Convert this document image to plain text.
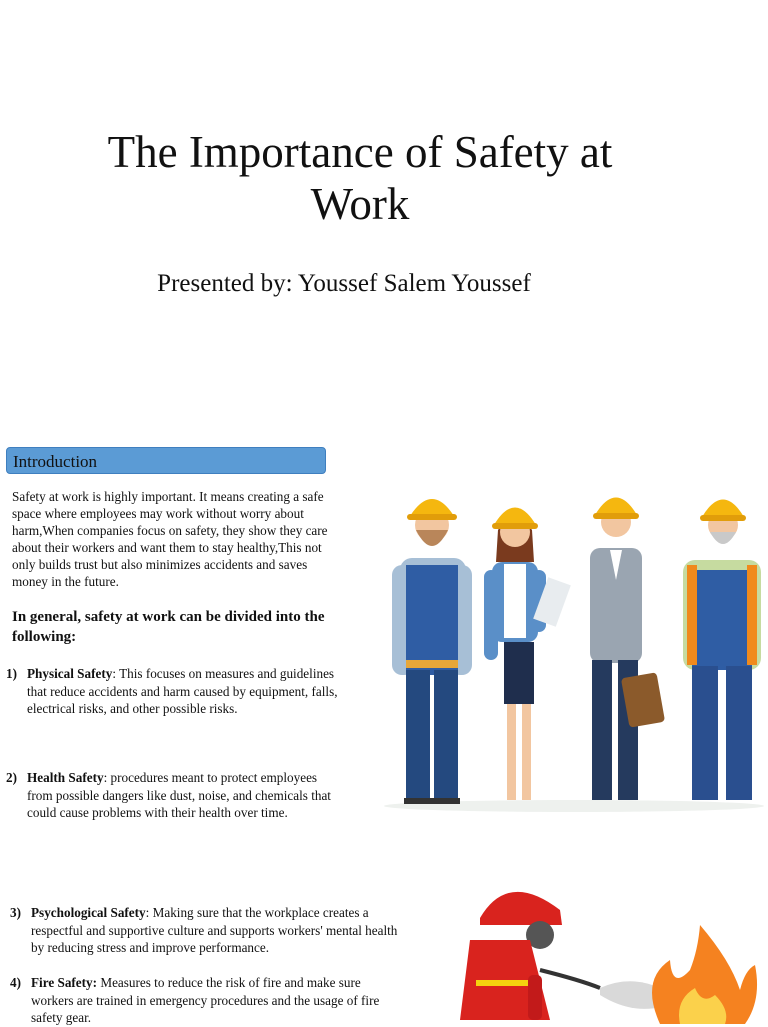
The Importance of Safety at Work
Presented by: Youssef Salem Youssef
Introduction
Safety at work is highly important. It means creating a safe space where employees may work without worry about harm,When companies focus on safety, they show they care about their workers and want them to stay healthy,This not only builds trust but also minimizes accidents and saves money in the future.
In general, safety at work can be divided into the following:
1) Physical Safety: This focuses on measures and guidelines that reduce accidents and harm caused by equipment, falls, electrical risks, and other possible risks.
2) Health Safety: procedures meant to protect employees from possible dangers like dust, noise, and chemicals that could cause problems with their health over time.
3) Psychological Safety: Making sure that the workplace creates a respectful and supportive culture and supports workers' mental health by reducing stress and improve performance.
4) Fire Safety: Measures to reduce the risk of fire and make sure workers are trained in emergency procedures and the usage of fire safety gear.
